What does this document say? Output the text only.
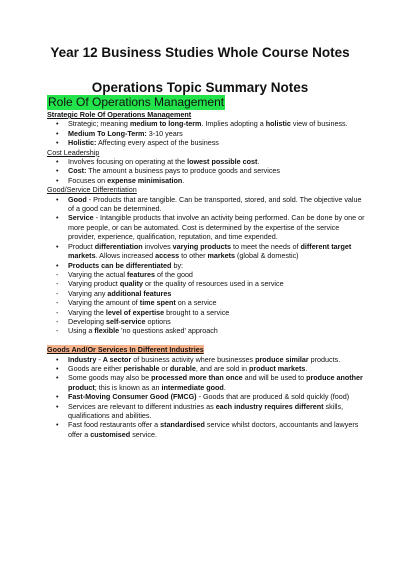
Year 12 Business Studies Whole Course Notes
Operations Topic Summary Notes
Role Of Operations Management
Strategic Role Of Operations Management
• Strategic; meaning medium to long-term. Implies adopting a holistic view of business.
• Medium To Long-Term: 3-10 years
• Holistic: Affecting every aspect of the business
Cost Leadership
• Involves focusing on operating at the lowest possible cost.
• Cost: The amount a business pays to produce goods and services
• Focuses on expense minimisation.
Good/Service Differentiation
• Good - Products that are tangible. Can be transported, stored, and sold. The objective value of a good can be determined.
• Service - Intangible products that involve an activity being performed. Can be done by one or more people, or can be automated. Cost is determined by the expertise of the service provider, experience, qualification, reputation, and time expended.
• Product differentiation involves varying products to meet the needs of different target markets. Allows increased access to other markets (global & domestic)
• Products can be differentiated by:
- Varying the actual features of the good
- Varying product quality or the quality of resources used in a service
- Varying any additional features
- Varying the amount of time spent on a service
- Varying the level of expertise brought to a service
- Developing self-service options
- Using a flexible 'no questions asked' approach
Goods And/Or Services In Different Industries
• Industry - A sector of business activity where businesses produce similar products.
• Goods are either perishable or durable, and are sold in product markets.
• Some goods may also be processed more than once and will be used to produce another product; this is known as an intermediate good.
• Fast-Moving Consumer Good (FMCG) - Goods that are produced & sold quickly (food)
• Services are relevant to different industries as each industry requires different skills, qualifications and abilities.
• Fast food restaurants offer a standardised service whilst doctors, accountants and lawyers offer a customised service.
